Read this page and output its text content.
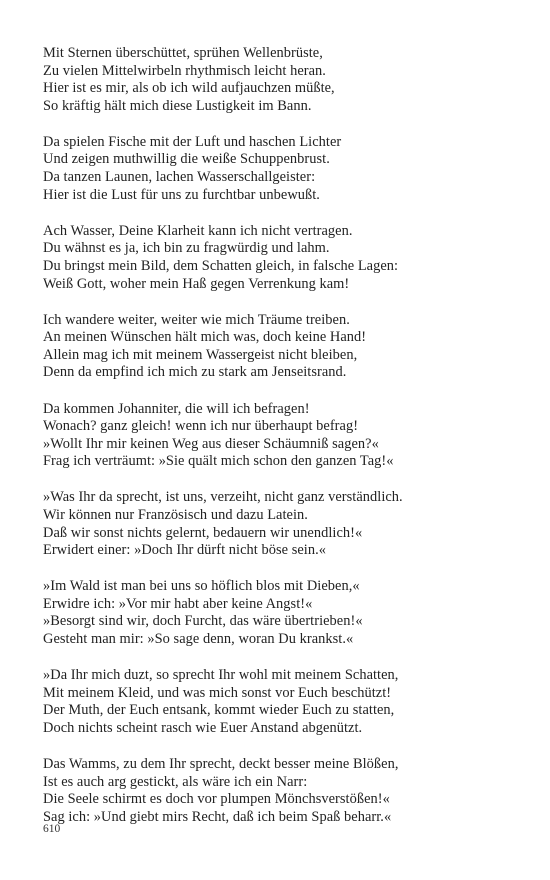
Mit Sternen überschüttet, sprühen Wellenbrüste,
Zu vielen Mittelwirbeln rhythmisch leicht heran.
Hier ist es mir, als ob ich wild aufjauchzen müßte,
So kräftig hält mich diese Lustigkeit im Bann.
Da spielen Fische mit der Luft und haschen Lichter
Und zeigen muthwillig die weiße Schuppenbrust.
Da tanzen Launen, lachen Wasserschallgeister:
Hier ist die Lust für uns zu furchtbar unbewußt.
Ach Wasser, Deine Klarheit kann ich nicht vertragen.
Du wähnst es ja, ich bin zu fragwürdig und lahm.
Du bringst mein Bild, dem Schatten gleich, in falsche Lagen:
Weiß Gott, woher mein Haß gegen Verrenkung kam!
Ich wandere weiter, weiter wie mich Träume treiben.
An meinen Wünschen hält mich was, doch keine Hand!
Allein mag ich mit meinem Wassergeist nicht bleiben,
Denn da empfind ich mich zu stark am Jenseitsrand.
Da kommen Johanniter, die will ich befragen!
Wonach? ganz gleich! wenn ich nur überhaupt befrag!
»Wollt Ihr mir keinen Weg aus dieser Schäumniß sagen?«
Frag ich verträumt: »Sie quält mich schon den ganzen Tag!«
»Was Ihr da sprecht, ist uns, verzeiht, nicht ganz verständlich.
Wir können nur Französisch und dazu Latein.
Daß wir sonst nichts gelernt, bedauern wir unendlich!«
Erwidert einer: »Doch Ihr dürft nicht böse sein.«
»Im Wald ist man bei uns so höflich blos mit Dieben,«
Erwidre ich: »Vor mir habt aber keine Angst!«
»Besorgt sind wir, doch Furcht, das wäre übertrieben!«
Gesteht man mir: »So sage denn, woran Du krankst.«
»Da Ihr mich duzt, so sprecht Ihr wohl mit meinem Schatten,
Mit meinem Kleid, und was mich sonst vor Euch beschützt!
Der Muth, der Euch entsank, kommt wieder Euch zu statten,
Doch nichts scheint rasch wie Euer Anstand abgenützt.
Das Wamms, zu dem Ihr sprecht, deckt besser meine Blößen,
Ist es auch arg gestickt, als wäre ich ein Narr:
Die Seele schirmt es doch vor plumpen Mönchsverstößen!«
Sag ich: »Und giebt mirs Recht, daß ich beim Spaß beharr.«
610
